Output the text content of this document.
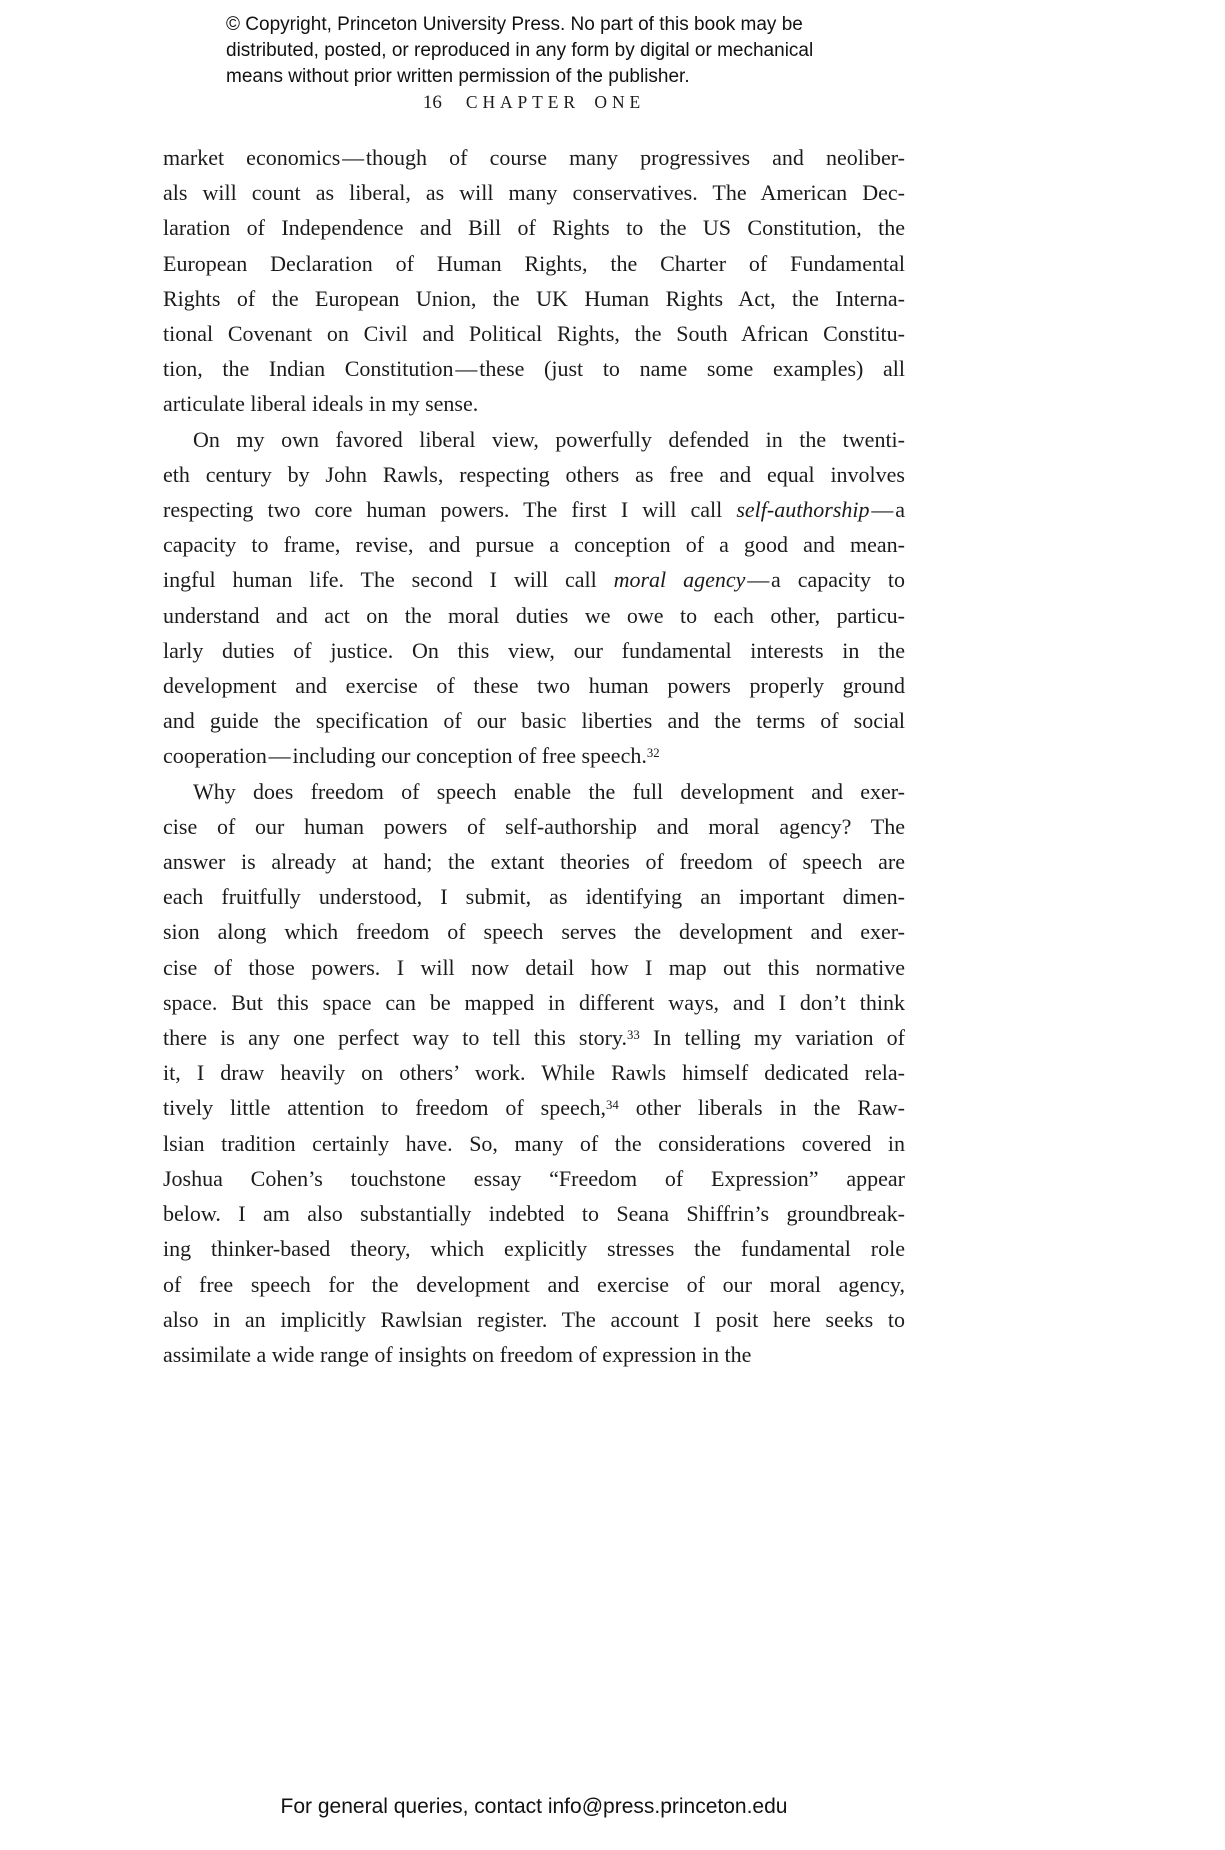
© Copyright, Princeton University Press. No part of this book may be
distributed, posted, or reproduced in any form by digital or mechanical
means without prior written permission of the publisher.
16 CHAPTER ONE
market economics — though of course many progressives and neoliber-
als will count as liberal, as will many conservatives. The American Dec-
laration of Independence and Bill of Rights to the US Constitution, the
European Declaration of Human Rights, the Charter of Fundamental
Rights of the European Union, the UK Human Rights Act, the Interna-
tional Covenant on Civil and Political Rights, the South African Constitu-
tion, the Indian Constitution — these (just to name some examples) all
articulate liberal ideals in my sense.
On my own favored liberal view, powerfully defended in the twenti-
eth century by John Rawls, respecting others as free and equal involves
respecting two core human powers. The first I will call self-authorship — a
capacity to frame, revise, and pursue a conception of a good and mean-
ingful human life. The second I will call moral agency — a capacity to
understand and act on the moral duties we owe to each other, particu-
larly duties of justice. On this view, our fundamental interests in the
development and exercise of these two human powers properly ground
and guide the specification of our basic liberties and the terms of social
cooperation — including our conception of free speech.$^{32}$
Why does freedom of speech enable the full development and exer-
cise of our human powers of self-authorship and moral agency? The
answer is already at hand; the extant theories of freedom of speech are
each fruitfully understood, I submit, as identifying an important dimen-
sion along which freedom of speech serves the development and exer-
cise of those powers. I will now detail how I map out this normative
space. But this space can be mapped in different ways, and I don’t think
there is any one perfect way to tell this story.$^{33}$ In telling my variation of
it, I draw heavily on others’ work. While Rawls himself dedicated rela-
tively little attention to freedom of speech,$^{34}$ other liberals in the Raw-
lsian tradition certainly have. So, many of the considerations covered in
Joshua Cohen’s touchstone essay “Freedom of Expression” appear
below. I am also substantially indebted to Seana Shiffrin’s groundbreak-
ing thinker-based theory, which explicitly stresses the fundamental role
of free speech for the development and exercise of our moral agency,
also in an implicitly Rawlsian register. The account I posit here seeks to
assimilate a wide range of insights on freedom of expression in the
For general queries, contact info@press.princeton.edu
